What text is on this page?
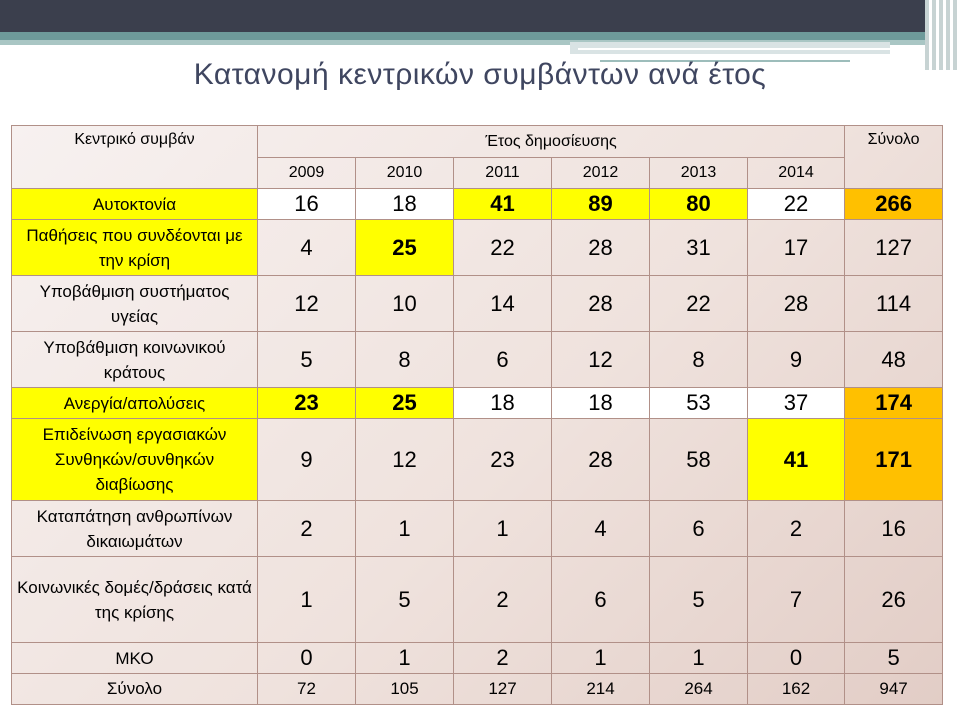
Κατανομή κεντρικών συμβάντων ανά έτος
Κεντρικό συμβάν	Έτος δημοσίευσης						Σύνολο
	2009	2010	2011	2012	2013	2014	
Αυτοκτονία	16	18	41	89	80	22	266
Παθήσεις που συνδέονται με την κρίση	4	25	22	28	31	17	127
Υποβάθμιση συστήματος υγείας	12	10	14	28	22	28	114
Υποβάθμιση κοινωνικού κράτους	5	8	6	12	8	9	48
Ανεργία/απολύσεις	23	25	18	18	53	37	174
Επιδείνωση εργασιακών Συνθηκών/συνθηκών διαβίωσης	9	12	23	28	58	41	171
Καταπάτηση ανθρωπίνων δικαιωμάτων	2	1	1	4	6	2	16
Κοινωνικές δομές/δράσεις κατά της κρίσης	1	5	2	6	5	7	26
ΜΚΟ	0	1	2	1	1	0	5
Σύνολο	72	105	127	214	264	162	947
